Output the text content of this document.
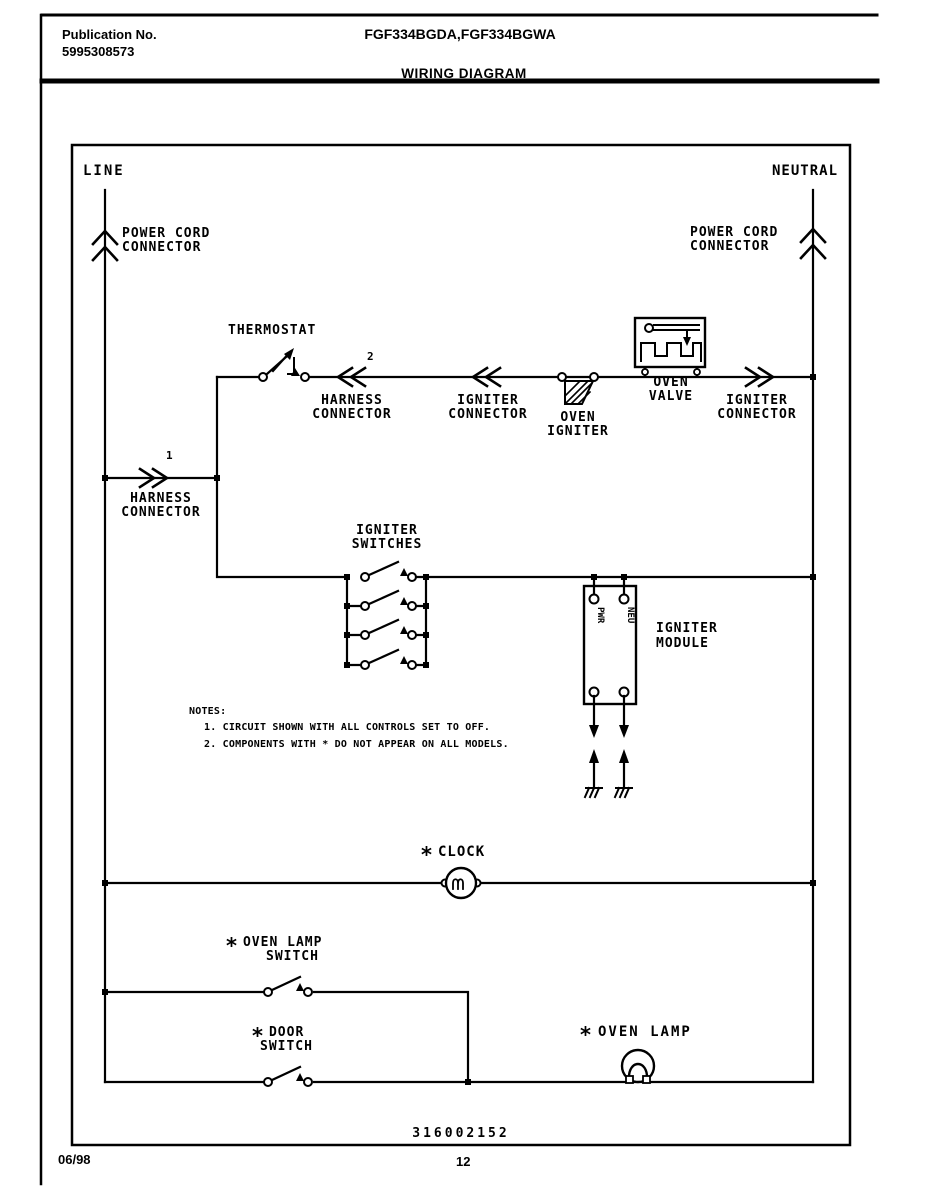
PWR NEU
Publication No.
5995308573
FGF334BGDA,FGF334BGWA
WIRING DIAGRAM
LINE	NEUTRAL
POWER CORD
CONNECTOR
POWER CORD
CONNECTOR
THERMOSTAT
2
HARNESS
CONNECTOR
IGNITER
CONNECTOR	OVEN
IGNITER
OVEN
VALVE	IGNITER
CONNECTOR
1
HARNESS
CONNECTOR
IGNITER
SWITCHES
IGNITER
MODULE
NOTES:
1. CIRCUIT SHOWN WITH ALL CONTROLS SET TO OFF.
2. COMPONENTS WITH * DO NOT APPEAR ON ALL MODELS.
* CLOCK
* OVEN LAMP
SWITCH
* DOOR
SWITCH	* OVEN LAMP
316002152
06/98	12
